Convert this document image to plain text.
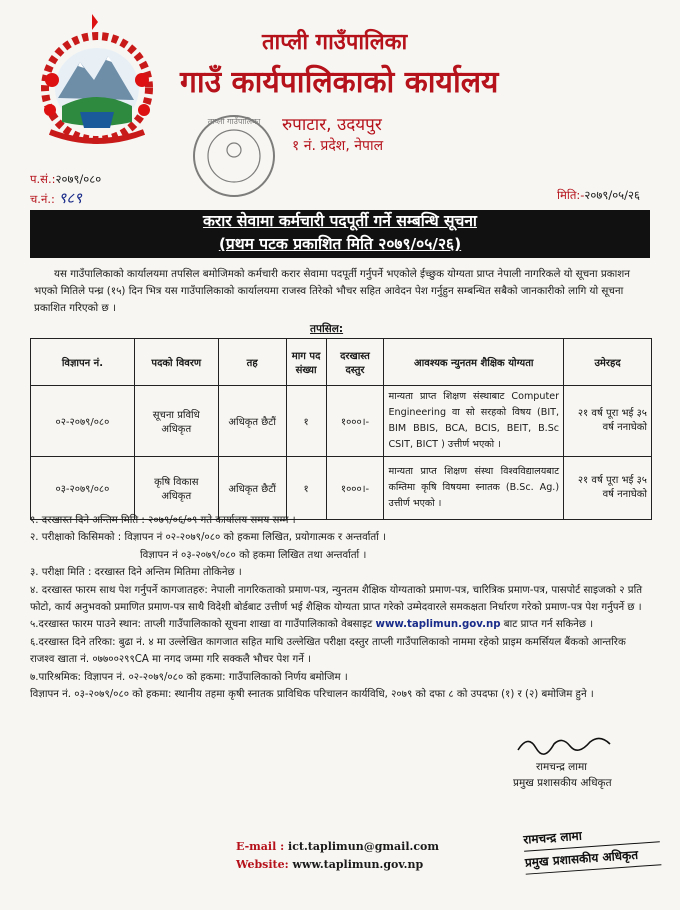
ताप्ली गाउँपालिका
गाउँ कार्यपालिकाको कार्यालय
रुपाटार, उदयपुर
१ नं. प्रदेश, नेपाल
ताप्ली गाउँपालिका
प.सं.:२०७९/०८०
च.नं.: ९८९	मिति:-२०७९/०५/२६
करार सेवामा कर्मचारी पदपूर्ती गर्ने सम्बन्धि सूचना
(प्रथम पटक प्रकाशित मिति २०७९/०५/२६)
यस गाउँपालिकाको कार्यालयमा तपसिल बमोजिमको कर्मचारी करार सेवामा पदपूर्ती गर्नुपर्ने भएकोले ईच्छुक योग्यता प्राप्त नेपाली नागरिकले यो सूचना प्रकाशन भएको मितिले पन्ध्र (१५) दिन भित्र यस गाउँपालिकाको कार्यालयमा राजस्व तिरेको भौचर सहित आवेदन पेश गर्नुहुन सम्बन्धित सबैको जानकारीको लागि यो सूचना प्रकाशित गरिएको छ ।
तपसिल:
विज्ञापन नं.	पदको विवरण	तह	माग पद संख्या	दरखास्त दस्तुर	आवश्यक न्युनतम शैक्षिक योग्यता	उमेरहद
०२-२०७९/०८०	सूचना प्रविधि अधिकृत	अधिकृत छैटौं	१	१०००।-	मान्यता प्राप्त शिक्षण संस्थाबाट Computer Engineering वा सो सरहको विषय (BIT, BIM BBIS, BCA, BCIS, BEIT, B.Sc CSIT, BICT ) उत्तीर्ण भएको ।	२१ वर्ष पूरा भई ३५ वर्ष ननाघेको
०३-२०७९/०८०	कृषि विकास अधिकृत	अधिकृत छैटौं	१	१०००।-	मान्यता प्राप्त शिक्षण संस्था विश्वविद्यालयबाट कम्तिमा कृषि विषयमा स्नातक (B.Sc. Ag.) उत्तीर्ण भएको ।	२१ वर्ष पूरा भई ३५ वर्ष ननाघेको

१. दरखास्त दिने अन्तिम मिति : २०७९/०६/०९ गते कार्यालय समय सम्म ।

२. परीक्षाको किसिमको : विज्ञापन नं ०२-२०७९/०८० को हकमा लिखित, प्रयोगात्मक र अन्तर्वार्ता ।

विज्ञापन नं ०३-२०७९/०८० को हकमा लिखित तथा अन्तर्वार्ता ।

३. परीक्षा मिति : दरखास्त दिने अन्तिम मितिमा तोकिनेछ ।

४. दरखास्त फारम साथ पेश गर्नुपर्ने कागजातहरु: नेपाली नागरिकताको प्रमाण-पत्र, न्युनतम शैक्षिक योग्यताको प्रमाण-पत्र, चारित्रिक प्रमाण-पत्र, पासपोर्ट साइजको २ प्रति फोटो, कार्य अनुभवको प्रमाणित प्रमाण-पत्र साथै विदेशी बोर्डबाट उत्तीर्ण भई शैक्षिक योग्यता प्राप्त गरेको उम्मेदवारले समकक्षता निर्धारण गरेको प्रमाण-पत्र पेश गर्नुपर्ने छ ।

५.दरखास्त फारम पाउने स्थान: ताप्ली गाउँपालिकाको सूचना शाखा वा गाउँपालिकाको वेबसाइट www.taplimun.gov.np बाट प्राप्त गर्न सकिनेछ ।

६.दरखास्त दिने तरिका: बुढा नं. ४ मा उल्लेखित कागजात सहित माथि उल्लेखित परीक्षा दस्तुर ताप्ली गाउँपालिकाको नाममा रहेको प्राइम कमर्सियल बैंकको आन्तरिक राजश्व खाता नं. ०७७००२९९CA मा नगद जम्मा गरि सक्कलै भौचर पेश गर्ने ।

७.पारिश्रमिक: विज्ञापन नं. ०२-२०७९/०८० को हकमा: गाउँपालिकाको निर्णय बमोजिम ।

विज्ञापन नं. ०३-२०७९/०८० को हकमा: स्थानीय तहमा कृषी स्नातक प्राविधिक परिचालन कार्यविधि, २०७९ को दफा ८ को उपदफा (१) र (२) बमोजिम हुने ।

रामचन्द्र लामा
प्रमुख प्रशासकीय अधिकृत
E-mail : ict.taplimun@gmail.com
Website: www.taplimun.gov.np
रामचन्द्र लामा
प्रमुख प्रशासकीय अधिकृत
